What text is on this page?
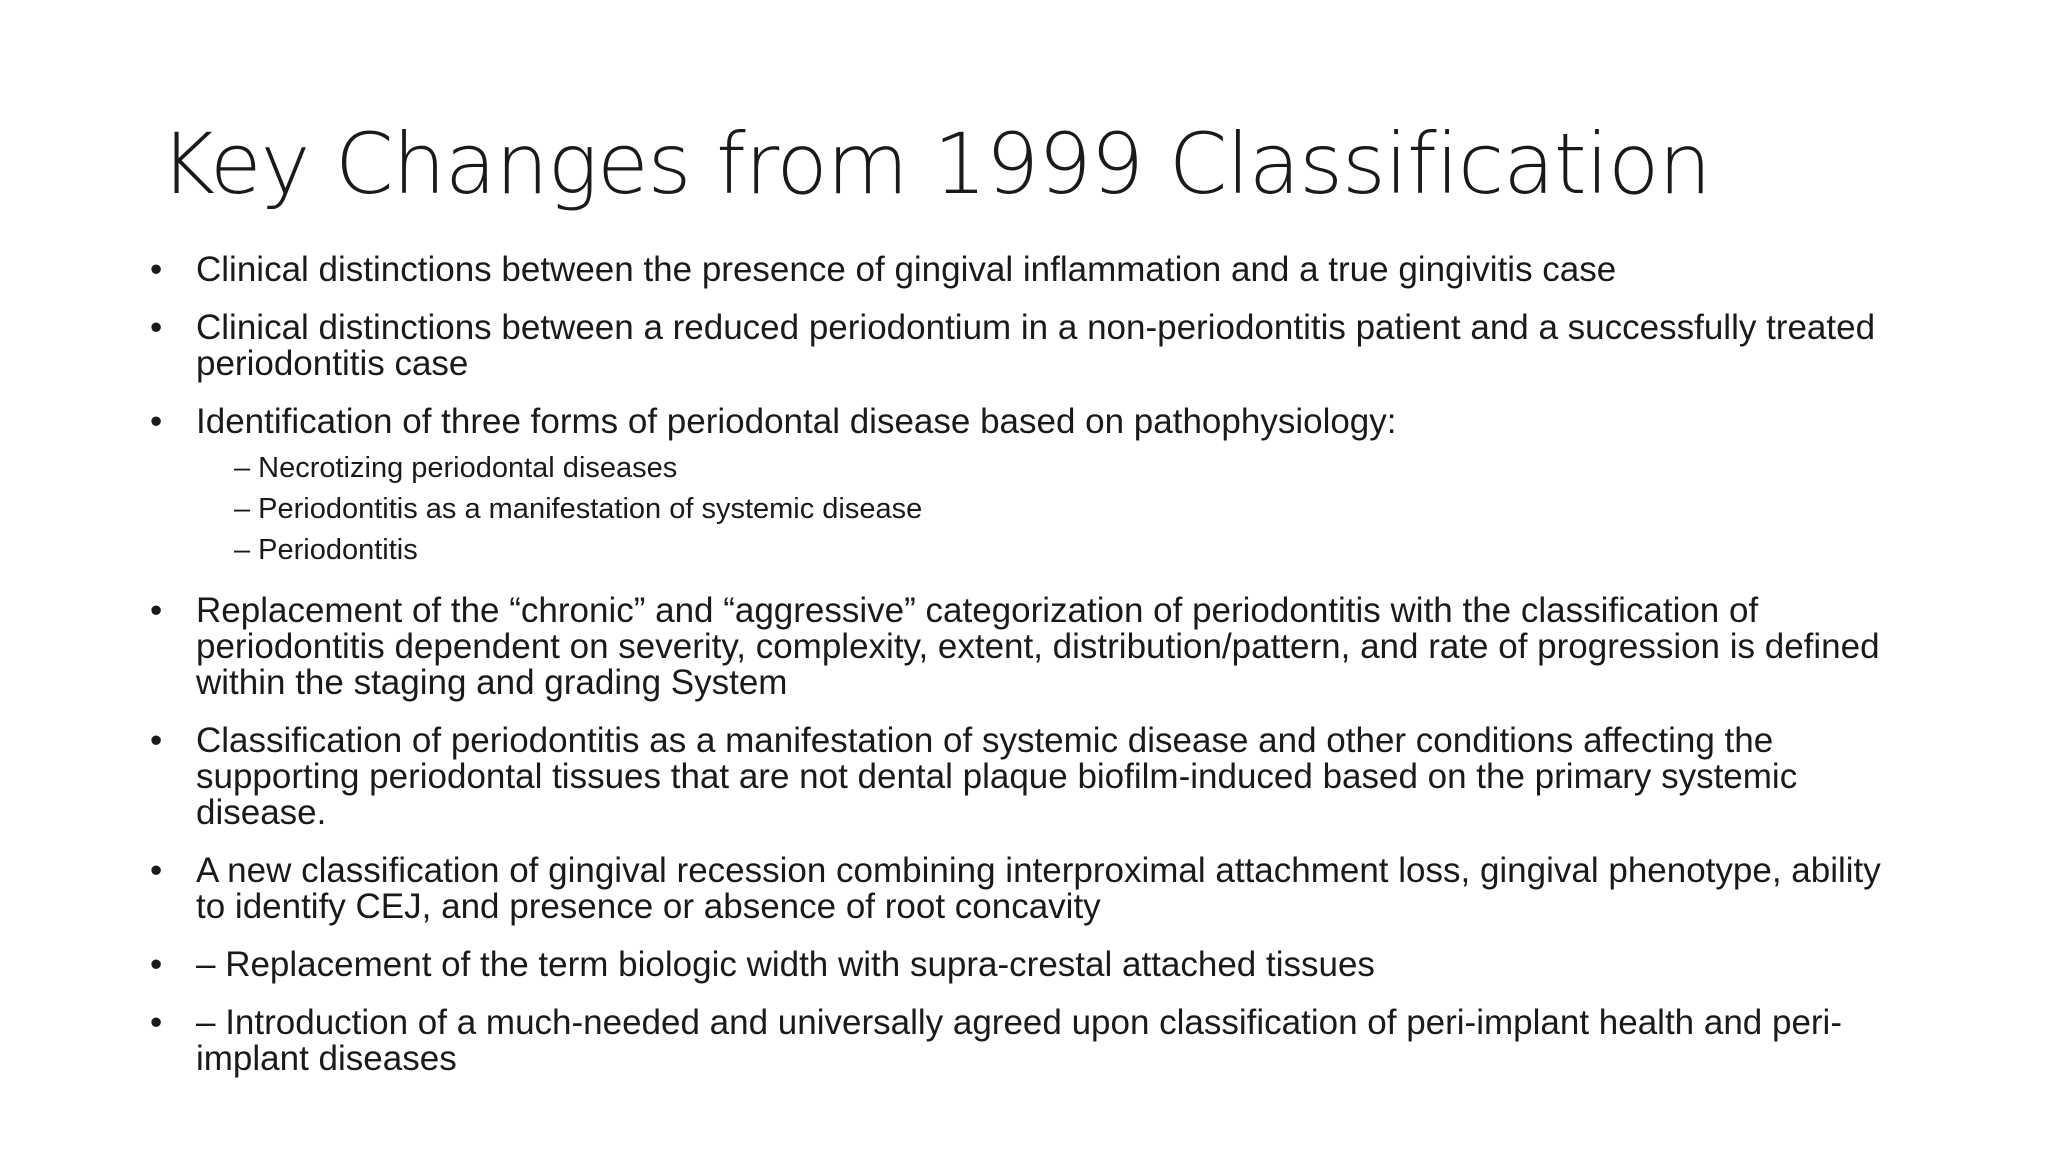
Key Changes from 1999 Classification
• Clinical distinctions between the presence of gingival inflammation and a true gingivitis case
• Clinical distinctions between a reduced periodontium in a non-periodontitis patient and a successfully treated periodontitis case
• Identification of three forms of periodontal disease based on pathophysiology:
– Necrotizing periodontal diseases
– Periodontitis as a manifestation of systemic disease
– Periodontitis
• Replacement of the “chronic” and “aggressive” categorization of periodontitis with the classification of periodontitis dependent on severity, complexity, extent, distribution/pattern, and rate of progression is defined within the staging and grading System
• Classification of periodontitis as a manifestation of systemic disease and other conditions affecting the supporting periodontal tissues that are not dental plaque biofilm-induced based on the primary systemic disease.
• A new classification of gingival recession combining interproximal attachment loss, gingival phenotype, ability to identify CEJ, and presence or absence of root concavity
• – Replacement of the term biologic width with supra-crestal attached tissues
• – Introduction of a much-needed and universally agreed upon classification of peri-implant health and peri-implant diseases
